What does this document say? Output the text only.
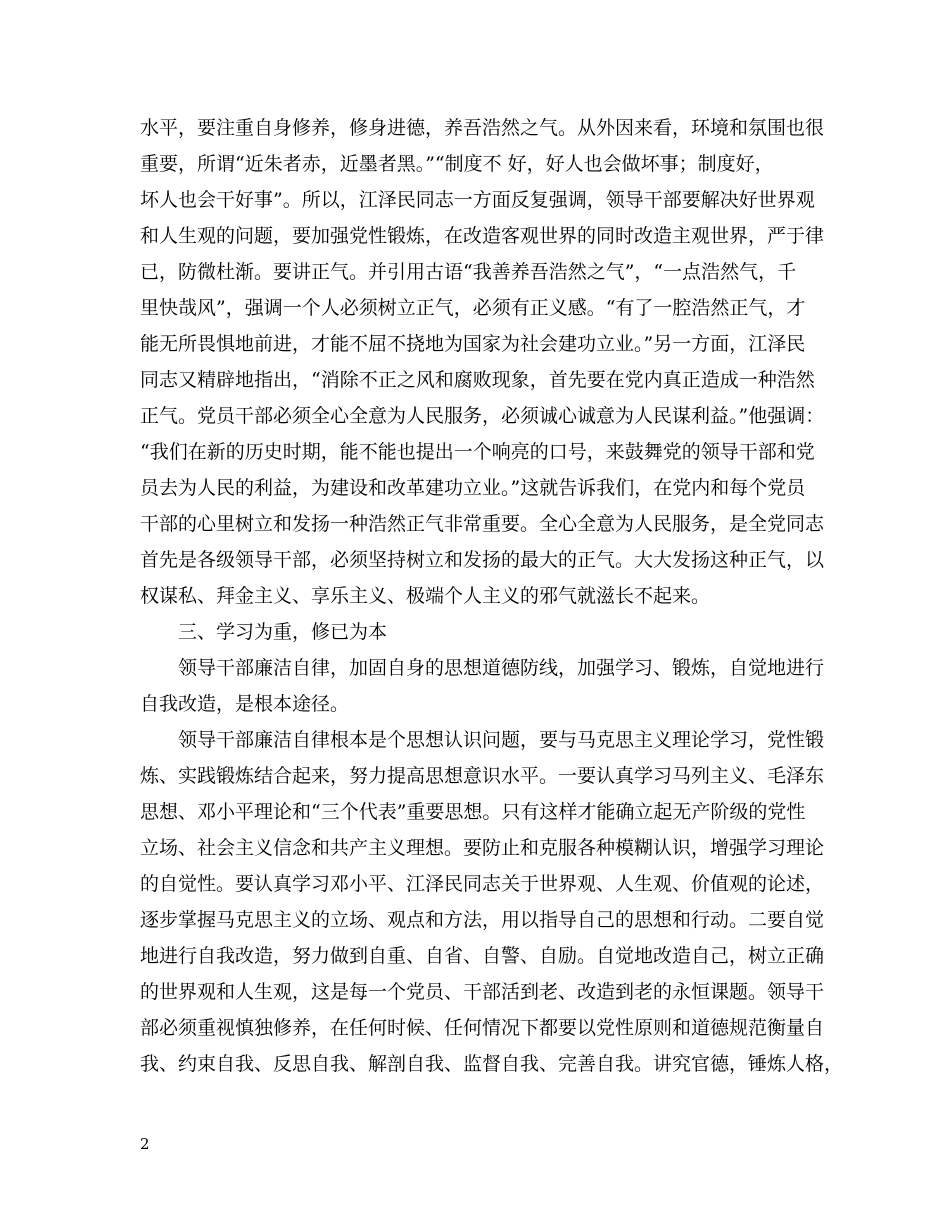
水平，要注重自身修养，修身进德，养吾浩然之气。从外因来看，环境和氛围也很
重要，所谓“近朱者赤，近墨者黑。”“制度不 好，好人也会做坏事；制度好，
坏人也会干好事”。所以，江泽民同志一方面反复强调，领导干部要解决好世界观
和人生观的问题，要加强党性锻炼，在改造客观世界的同时改造主观世界，严于律
已，防微杜渐。要讲正气。并引用古语“我善养吾浩然之气”，“一点浩然气，千
里快哉风”，强调一个人必须树立正气，必须有正义感。“有了一腔浩然正气，才
能无所畏惧地前进，才能不屈不挠地为国家为社会建功立业。”另一方面，江泽民
同志又精辟地指出，“消除不正之风和腐败现象，首先要在党内真正造成一种浩然
正气。党员干部必须全心全意为人民服务，必须诚心诚意为人民谋利益。”他强调：
“我们在新的历史时期，能不能也提出一个响亮的口号，来鼓舞党的领导干部和党
员去为人民的利益，为建设和改革建功立业。”这就告诉我们，在党内和每个党员
干部的心里树立和发扬一种浩然正气非常重要。全心全意为人民服务，是全党同志
首先是各级领导干部，必须坚持树立和发扬的最大的正气。大大发扬这种正气，以
权谋私、拜金主义、享乐主义、极端个人主义的邪气就滋长不起来。
三、学习为重，修已为本
领导干部廉洁自律，加固自身的思想道德防线，加强学习、锻炼，自觉地进行
自我改造，是根本途径。
领导干部廉洁自律根本是个思想认识问题，要与马克思主义理论学习，党性锻
炼、实践锻炼结合起来，努力提高思想意识水平。一要认真学习马列主义、毛泽东
思想、邓小平理论和“三个代表”重要思想。只有这样才能确立起无产阶级的党性
立场、社会主义信念和共产主义理想。要防止和克服各种模糊认识，增强学习理论
的自觉性。要认真学习邓小平、江泽民同志关于世界观、人生观、价值观的论述，
逐步掌握马克思主义的立场、观点和方法，用以指导自己的思想和行动。二要自觉
地进行自我改造，努力做到自重、自省、自警、自励。自觉地改造自己，树立正确
的世界观和人生观，这是每一个党员、干部活到老、改造到老的永恒课题。领导干
部必须重视慎独修养，在任何时候、任何情况下都要以党性原则和道德规范衡量自
我、约束自我、反思自我、解剖自我、监督自我、完善自我。讲究官德，锤炼人格，
2
